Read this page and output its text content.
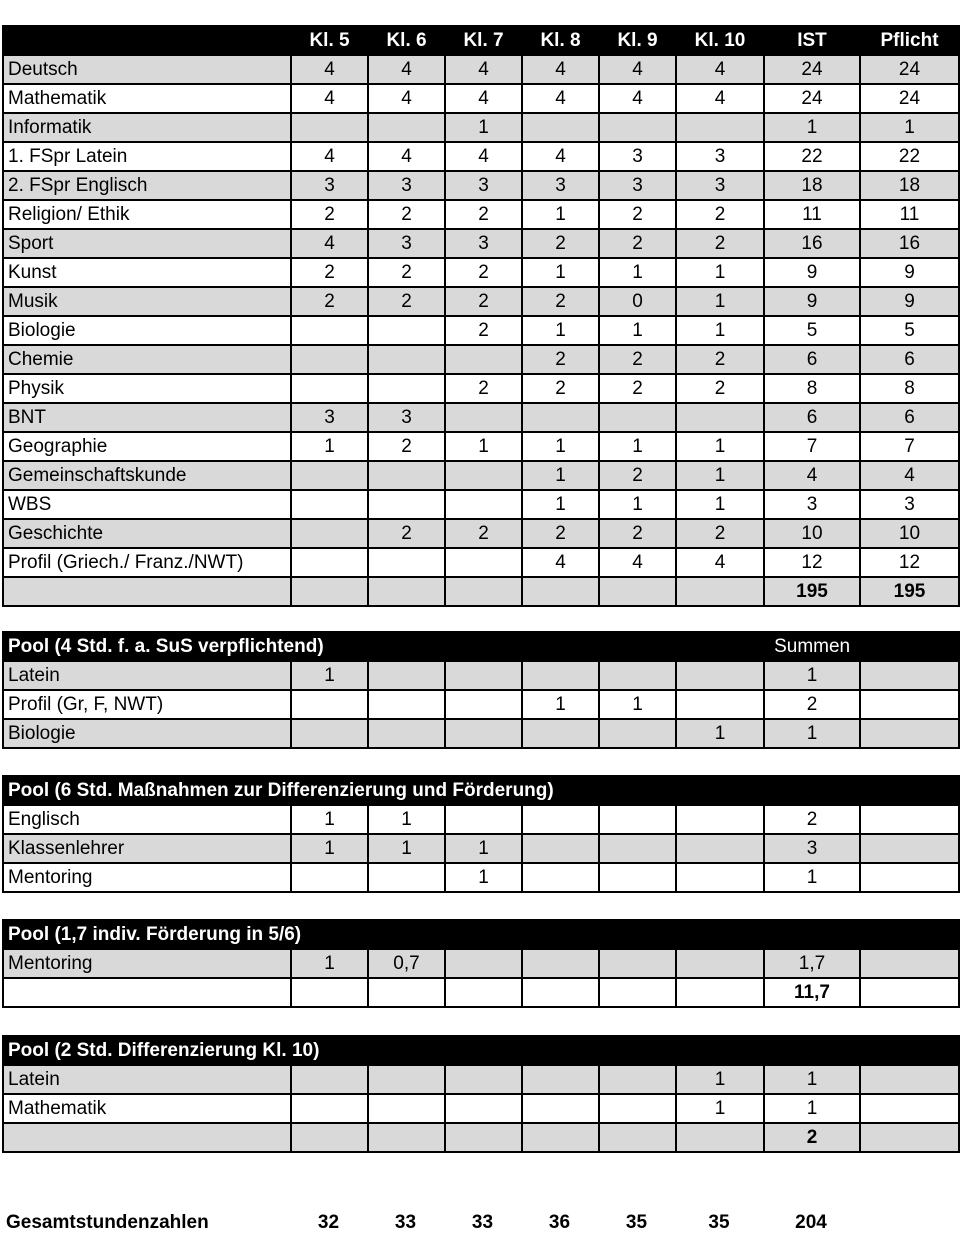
	Kl. 5	Kl. 6	Kl. 7	Kl. 8	Kl. 9	Kl. 10	IST	Pflicht
Deutsch	4	4	4	4	4	4	24	24
Mathematik	4	4	4	4	4	4	24	24
Informatik			1				1	1
1. FSpr Latein	4	4	4	4	3	3	22	22
2. FSpr Englisch	3	3	3	3	3	3	18	18
Religion/ Ethik	2	2	2	1	2	2	11	11
Sport	4	3	3	2	2	2	16	16
Kunst	2	2	2	1	1	1	9	9
Musik	2	2	2	2	0	1	9	9
Biologie			2	1	1	1	5	5
Chemie				2	2	2	6	6
Physik			2	2	2	2	8	8
BNT	3	3					6	6
Geographie	1	2	1	1	1	1	7	7
Gemeinschaftskunde				1	2	1	4	4
WBS				1	1	1	3	3
Geschichte		2	2	2	2	2	10	10
Profil (Griech./ Franz./NWT)				4	4	4	12	12
							195	195
Pool (4 Std. f. a. SuS verpflichtend)							Summen	
Latein	1						1	
Profil (Gr, F, NWT)				1	1		2	
Biologie						1	1	
Pool (6 Std. Maßnahmen zur Differenzierung und Förderung)								
Englisch	1	1					2	
Klassenlehrer	1	1	1				3	
Mentoring			1				1	
Pool (1,7 indiv. Förderung in 5/6)								
Mentoring	1	0,7					1,7	
							11,7	
Pool (2 Std. Differenzierung Kl. 10)								
Latein						1	1	
Mathematik						1	1	
							2	
Gesamtstundenzahlen	32	33	33	36	35	35	204
